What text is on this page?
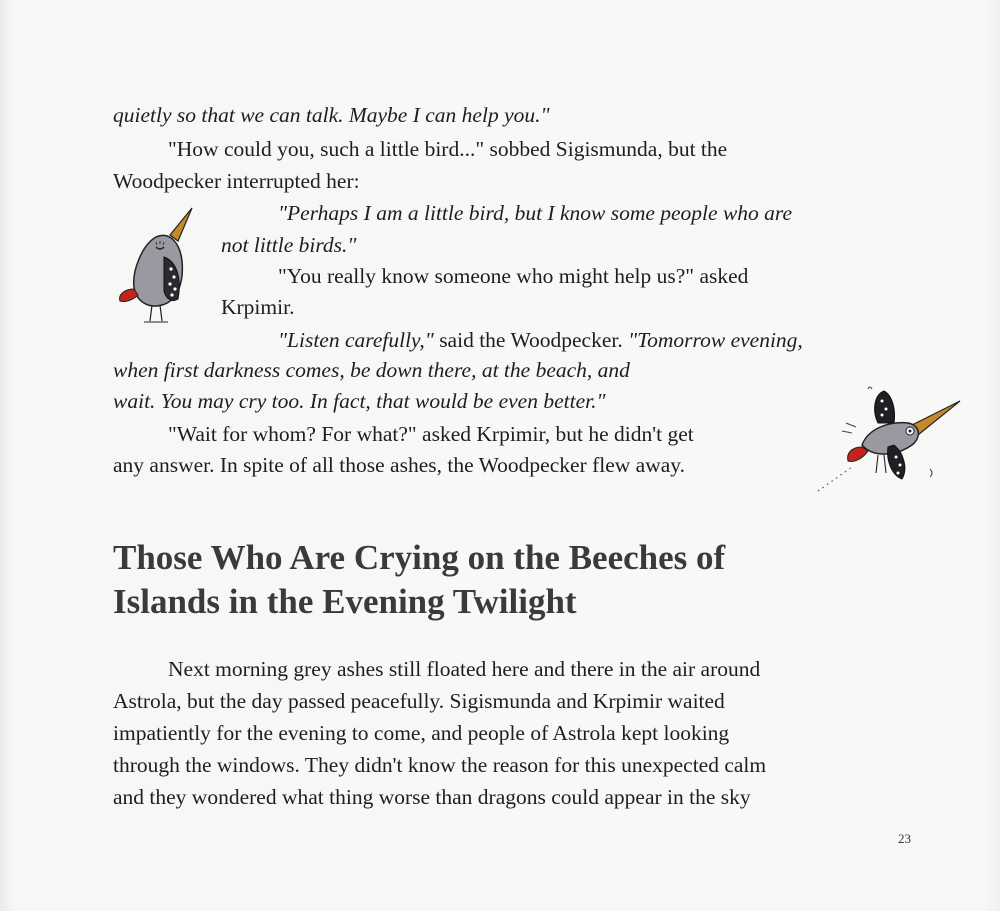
quietly so that we can talk. Maybe I can help you."
"How could you, such a little bird..." sobbed Sigismunda, but the
Woodpecker interrupted her:
"Perhaps I am a little bird, but I know some people who are
not little birds."
"You really know someone who might help us?" asked
Krpimir.
"Listen carefully," said the Woodpecker. "Tomorrow evening,
when first darkness comes, be down there, at the beach, and
wait. You may cry too. In fact, that would be even better."
"Wait for whom? For what?" asked Krpimir, but he didn't get
any answer. In spite of all those ashes, the Woodpecker flew away.
Those Who Are Crying on the Beeches of
Islands in the Evening Twilight
Next morning grey ashes still floated here and there in the air around
Astrola, but the day passed peacefully. Sigismunda and Krpimir waited
impatiently for the evening to come, and people of Astrola kept looking
through the windows. They didn't know the reason for this unexpected calm
and they wondered what thing worse than dragons could appear in the sky
23
